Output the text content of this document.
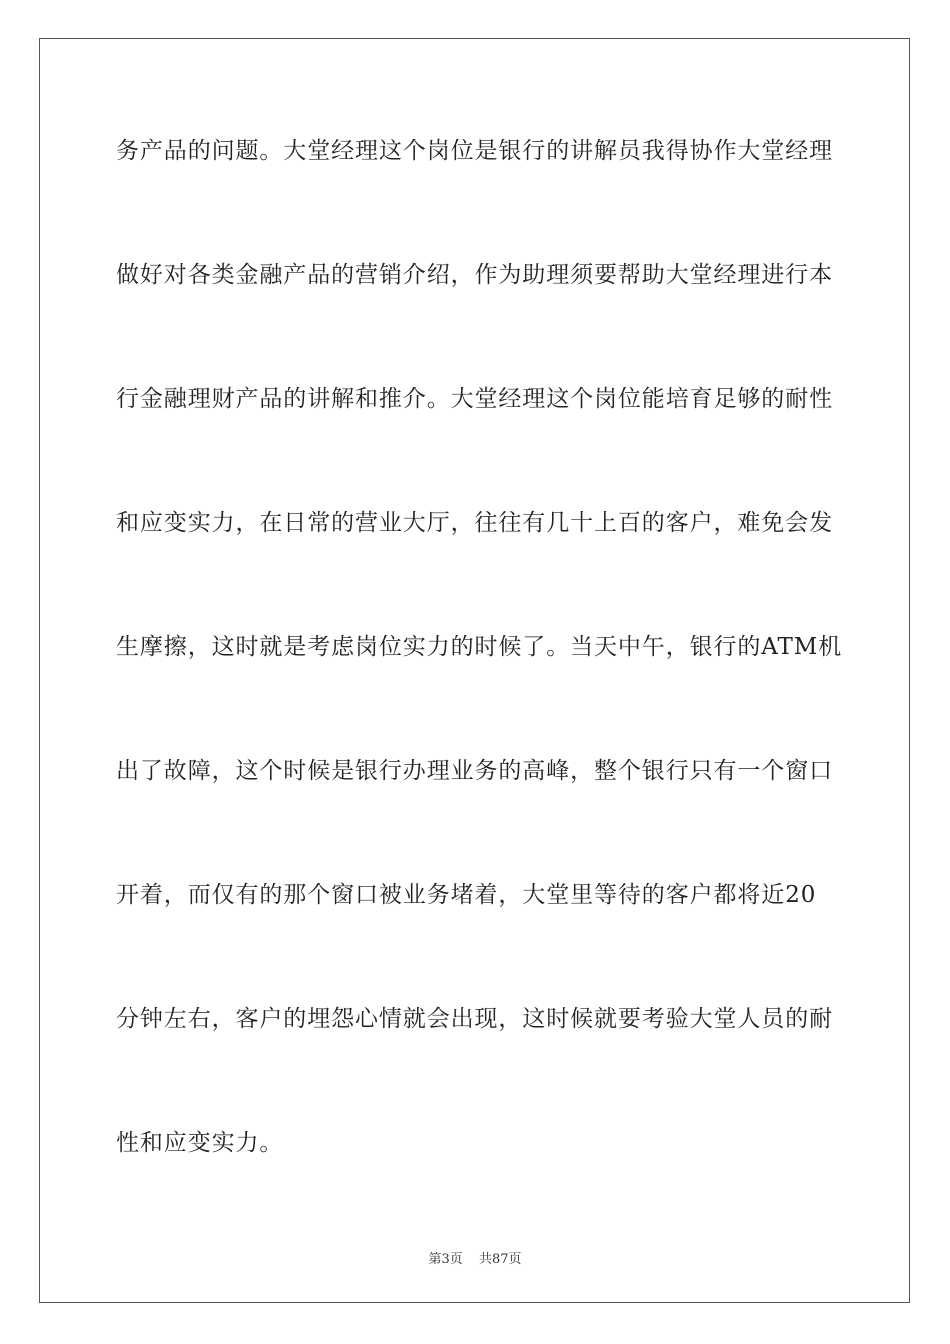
务产品的问题。大堂经理这个岗位是银行的讲解员我得协作大堂经理
做好对各类金融产品的营销介绍，作为助理须要帮助大堂经理进行本
行金融理财产品的讲解和推介。大堂经理这个岗位能培育足够的耐性
和应变实力，在日常的营业大厅，往往有几十上百的客户，难免会发
生摩擦，这时就是考虑岗位实力的时候了。当天中午，银行的ATM机
出了故障，这个时候是银行办理业务的高峰，整个银行只有一个窗口
开着，而仅有的那个窗口被业务堵着，大堂里等待的客户都将近20
分钟左右，客户的埋怨心情就会出现，这时候就要考验大堂人员的耐
性和应变实力。
第3页 共87页
